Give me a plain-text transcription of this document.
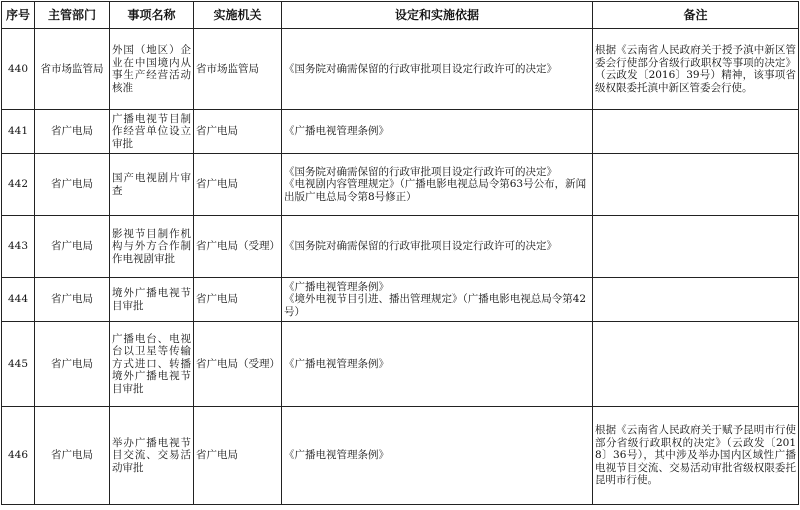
序号	主管部门	事项名称	实施机关	设定和实施依据	备注
440	省市场监管局	外国（地区）企业在中国境内从事生产经营活动核准	省市场监管局	《国务院对确需保留的行政审批项目设定行政许可的决定》	根据《云南省人民政府关于授予滇中新区管委会行使部分省级行政职权等事项的决定》（云政发〔2016〕39号）精神，该事项省级权限委托滇中新区管委会行使。
441	省广电局	广播电视节目制作经营单位设立审批	省广电局	《广播电视管理条例》	

442	省广电局	国产电视剧片审查	省广电局	《国务院对确需保留的行政审批项目设定行政许可的决定》
《电视剧内容管理规定》（广播电影电视总局令第63号公布，新闻出版广电总局令第8号修正）	

443	省广电局	影视节目制作机构与外方合作制作电视剧审批	省广电局（受理）	《国务院对确需保留的行政审批项目设定行政许可的决定》	

444	省广电局	境外广播电视节目审批	省广电局	《广播电视管理条例》
《境外电视节目引进、播出管理规定》（广播电影电视总局令第42号）	

445	省广电局	广播电台、电视台以卫星等传输方式进口、转播境外广播电视节目审批	省广电局（受理）	《广播电视管理条例》	

446	省广电局	举办广播电视节目交流、交易活动审批	省广电局	《广播电视管理条例》	根据《云南省人民政府关于赋予昆明市行使部分省级行政职权的决定》（云政发〔2018〕36号），其中涉及举办国内区域性广播电视节目交流、交易活动审批省级权限委托昆明市行使。
